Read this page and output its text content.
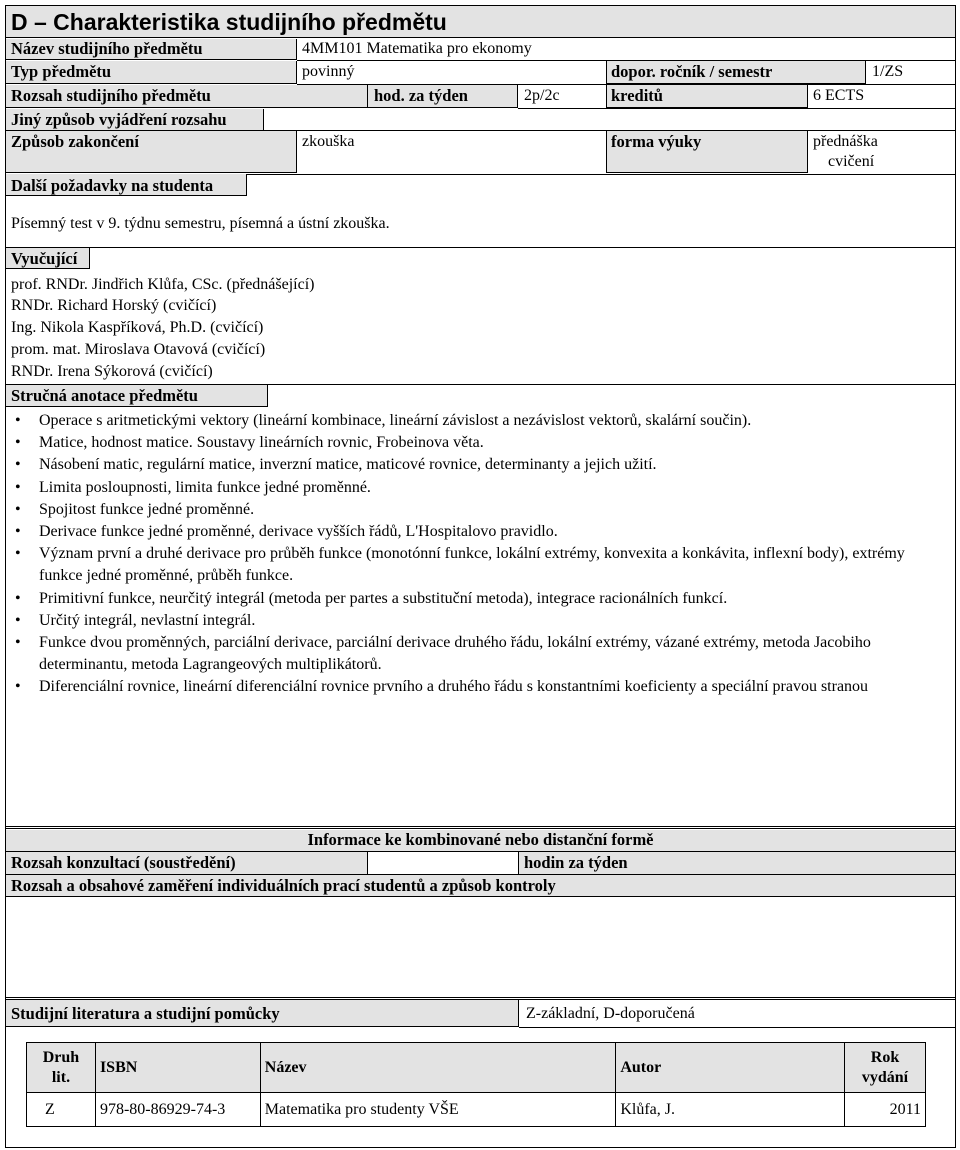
D – Charakteristika studijního předmětu
Název studijního předmětu	4MM101 Matematika pro ekonomy
Typ předmětu	povinný	dopor. ročník / semestr	1/ZS
Rozsah studijního předmětu	hod. za týden	2p/2c	kreditů	6 ECTS
Jiný způsob vyjádření rozsahu
Způsob zakončení	zkouška	forma výuky	přednáška
cvičení
Další požadavky na studenta
Písemný test v 9. týdnu semestru, písemná a ústní zkouška.
Vyučující
prof. RNDr. Jindřich Klůfa, CSc. (přednášející)
RNDr. Richard Horský (cvičící)
Ing. Nikola Kaspříková, Ph.D. (cvičící)
prom. mat. Miroslava Otavová (cvičící)
RNDr. Irena Sýkorová (cvičící)
Stručná anotace předmětu
• Operace s aritmetickými vektory (lineární kombinace, lineární závislost a nezávislost vektorů, skalární součin).
• Matice, hodnost matice. Soustavy lineárních rovnic, Frobeinova věta.
• Násobení matic, regulární matice, inverzní matice, maticové rovnice, determinanty a jejich užití.
• Limita posloupnosti, limita funkce jedné proměnné.
• Spojitost funkce jedné proměnné.
• Derivace funkce jedné proměnné, derivace vyšších řádů, L'Hospitalovo pravidlo.
• Význam první a druhé derivace pro průběh funkce (monotónní funkce, lokální extrémy, konvexita a konkávita, inflexní body), extrémy funkce jedné proměnné, průběh funkce.
• Primitivní funkce, neurčitý integrál (metoda per partes a substituční metoda), integrace racionálních funkcí.
• Určitý integrál, nevlastní integrál.
• Funkce dvou proměnných, parciální derivace, parciální derivace druhého řádu, lokální extrémy, vázané extrémy, metoda Jacobiho determinantu, metoda Lagrangeových multiplikátorů.
• Diferenciální rovnice, lineární diferenciální rovnice prvního a druhého řádu s konstantními koeficienty a speciální pravou stranou
Informace ke kombinované nebo distanční formě
Rozsah konzultací (soustředění)	hodin za týden
Rozsah a obsahové zaměření individuálních prací studentů a způsob kontroly
Studijní literatura a studijní pomůcky	Z-základní, D-doporučená
Druh
lit.	ISBN	Název	Autor	Rok
vydání
Z	978-80-86929-74-3	Matematika pro studenty VŠE	Klůfa, J.	2011
